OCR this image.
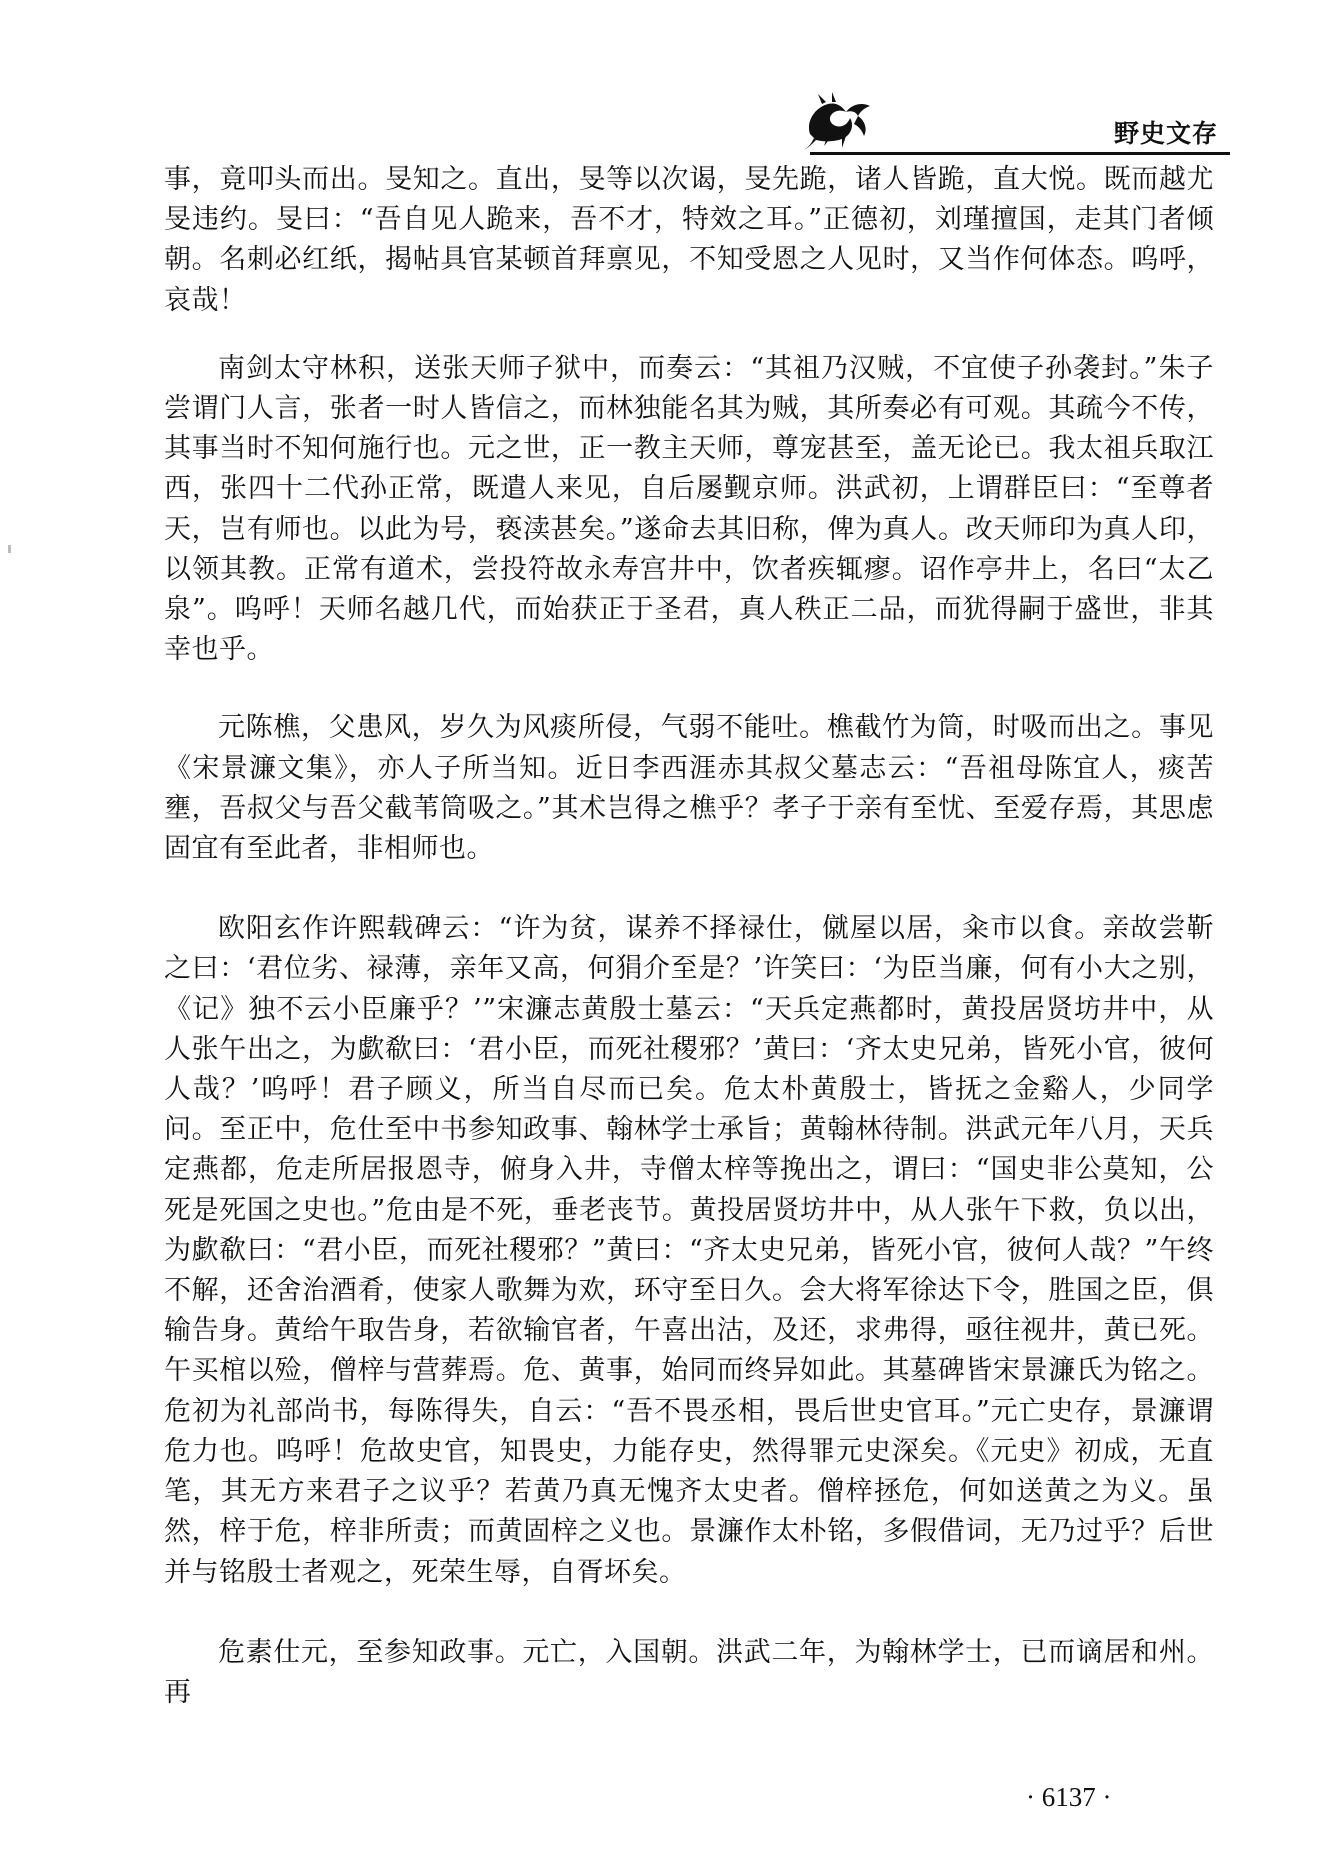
野史文存

事，竟叩头而出。旻知之。直出，旻等以次谒，旻先跪，诸人皆跪，直大悦。既而越尤旻违约。旻曰：“吾自见人跪来，吾不才，特效之耳。”正德初，刘瑾擅国，走其门者倾朝。名刺必红纸，揭帖具官某顿首拜禀见，不知受恩之人见时，又当作何体态。呜呼，哀哉！

南剑太守林积，送张天师子狱中，而奏云：“其祖乃汉贼，不宜使子孙袭封。”朱子尝谓门人言，张者一时人皆信之，而林独能名其为贼，其所奏必有可观。其疏今不传，其事当时不知何施行也。元之世，正一教主天师，尊宠甚至，盖无论已。我太祖兵取江西，张四十二代孙正常，既遣人来见，自后屡觐京师。洪武初，上谓群臣曰：“至尊者天，岂有师也。以此为号，亵渎甚矣。”遂命去其旧称，俾为真人。改天师印为真人印，以领其教。正常有道术，尝投符故永寿宫井中，饮者疾辄瘳。诏作亭井上，名曰“太乙泉”。呜呼！天师名越几代，而始获正于圣君，真人秩正二品，而犹得嗣于盛世，非其幸也乎。

元陈樵，父患风，岁久为风痰所侵，气弱不能吐。樵截竹为筒，时吸而出之。事见《宋景濂文集》，亦人子所当知。近日李西涯赤其叔父墓志云：“吾祖母陈宜人，痰苦壅，吾叔父与吾父截苇筒吸之。”其术岂得之樵乎？孝子于亲有至忧、至爱存焉，其思虑固宜有至此者，非相师也。

欧阳玄作许熙载碑云：“许为贫，谋养不择禄仕，僦屋以居，籴市以食。亲故尝靳之曰：‘君位劣、禄薄，亲年又高，何狷介至是？’许笑曰：‘为臣当廉，何有小大之别，《记》独不云小臣廉乎？’”宋濂志黄殷士墓云：“天兵定燕都时，黄投居贤坊井中，从人张午出之，为歔欷曰：‘君小臣，而死社稷邪？’黄曰：‘齐太史兄弟，皆死小官，彼何人哉？’呜呼！君子顾义，所当自尽而已矣。危太朴黄殷士，皆抚之金谿人，少同学问。至正中，危仕至中书参知政事、翰林学士承旨；黄翰林待制。洪武元年八月，天兵定燕都，危走所居报恩寺，俯身入井，寺僧太梓等挽出之，谓曰：“国史非公莫知，公死是死国之史也。”危由是不死，垂老丧节。黄投居贤坊井中，从人张午下救，负以出，为歔欷曰：“君小臣，而死社稷邪？”黄曰：“齐太史兄弟，皆死小官，彼何人哉？”午终不解，还舍治酒肴，使家人歌舞为欢，环守至日久。会大将军徐达下令，胜国之臣，俱输告身。黄给午取告身，若欲输官者，午喜出沽，及还，求弗得，亟往视井，黄已死。午买棺以殓，僧梓与营葬焉。危、黄事，始同而终异如此。其墓碑皆宋景濂氏为铭之。危初为礼部尚书，每陈得失，自云：“吾不畏丞相，畏后世史官耳。”元亡史存，景濂谓危力也。呜呼！危故史官，知畏史，力能存史，然得罪元史深矣。《元史》初成，无直笔，其无方来君子之议乎？若黄乃真无愧齐太史者。僧梓拯危，何如送黄之为义。虽然，梓于危，梓非所责；而黄固梓之义也。景濂作太朴铭，多假借词，无乃过乎？后世并与铭殷士者观之，死荣生辱，自胥坏矣。

危素仕元，至参知政事。元亡，入国朝。洪武二年，为翰林学士，已而谪居和州。再

· 6137 ·
